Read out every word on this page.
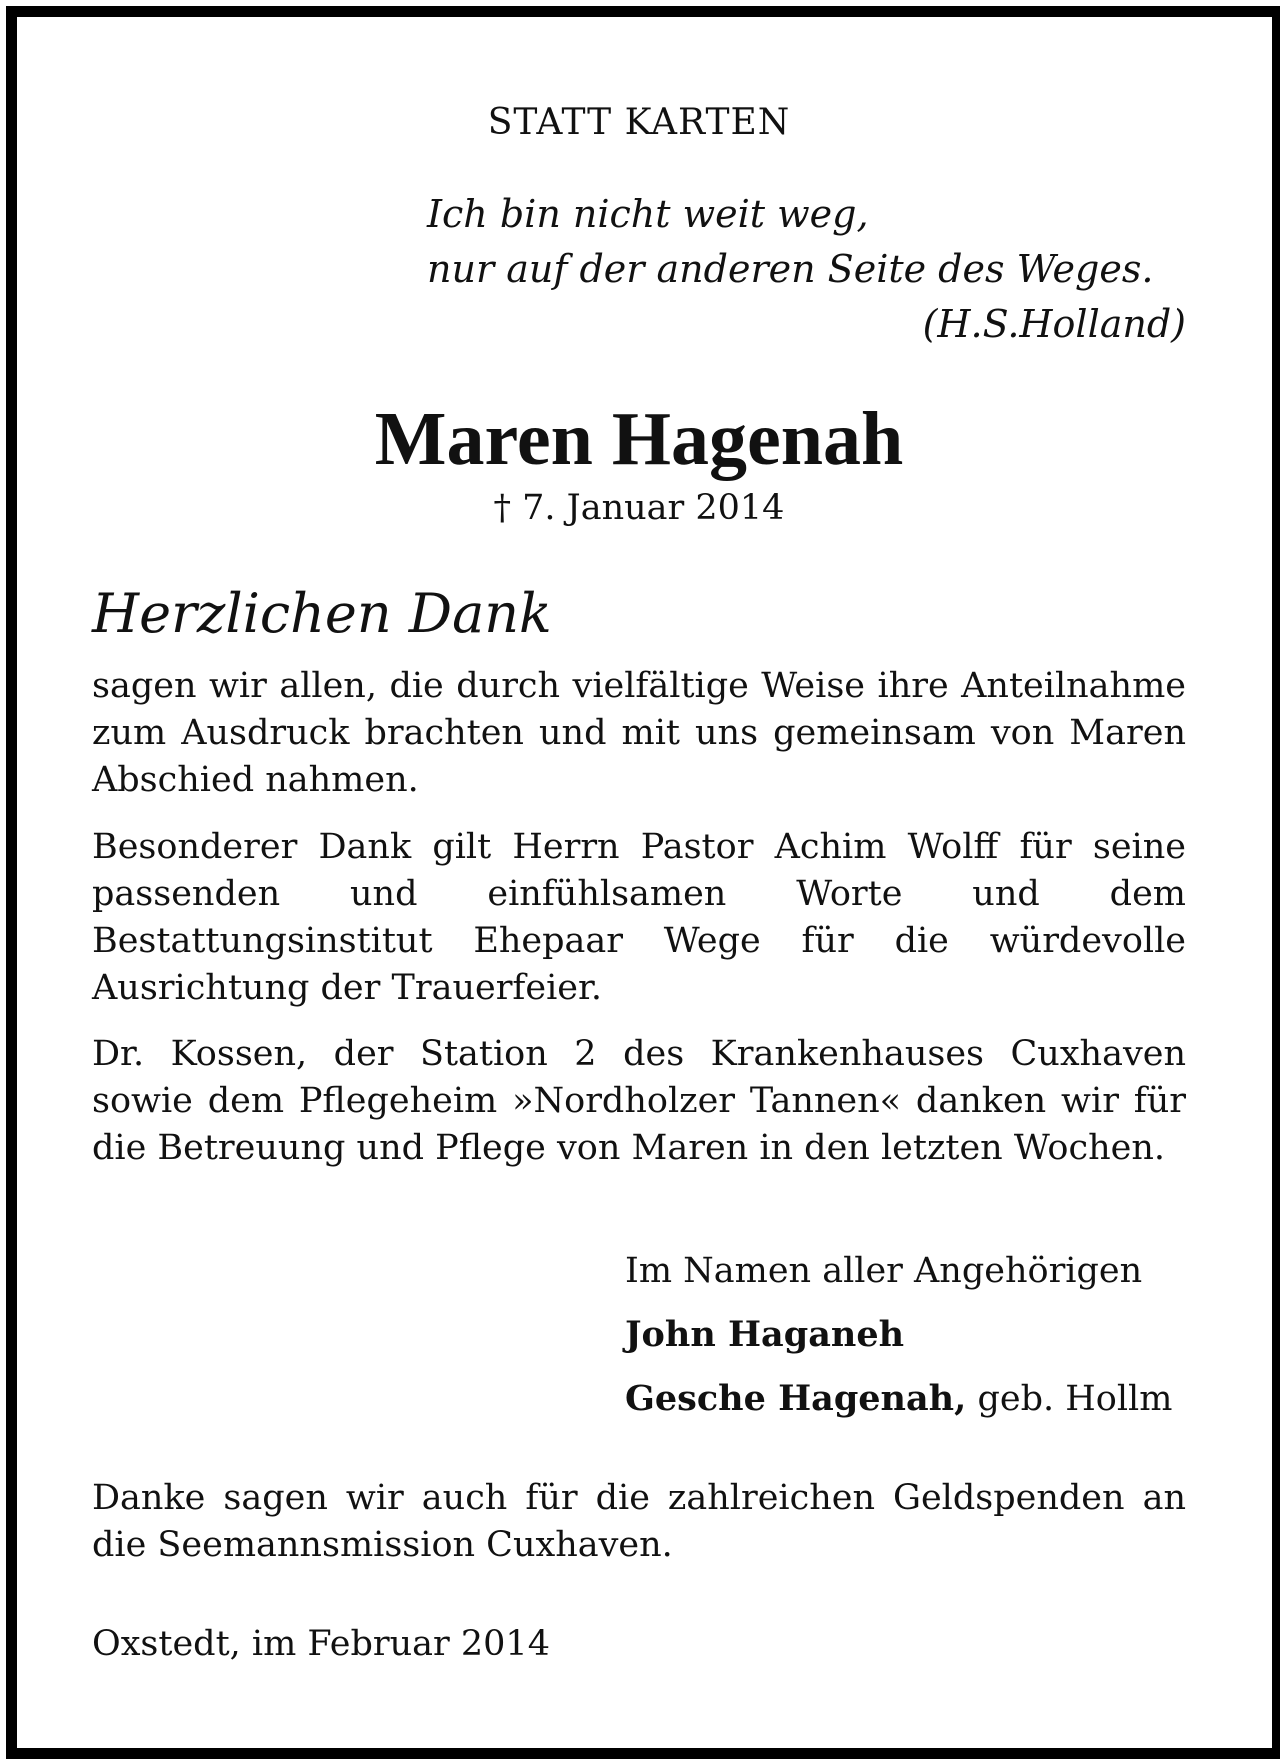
STATT KARTEN
Ich bin nicht weit weg,
nur auf der anderen Seite des Weges.
(H.S.Holland)
Maren Hagenah
† 7. Januar 2014
Herzlichen Dank
sagen wir allen, die durch vielfältige Weise ihre Anteilnahme zum Ausdruck brachten und mit uns gemeinsam von Maren Abschied nahmen.
Besonderer Dank gilt Herrn Pastor Achim Wolff für seine passenden und einfühlsamen Worte und dem Bestattungsinstitut Ehepaar Wege für die würdevolle Ausrichtung der Trauerfeier.
Dr. Kossen, der Station 2 des Krankenhauses Cuxhaven sowie dem Pflegeheim »Nordholzer Tannen« danken wir für die Betreuung und Pflege von Maren in den letzten Wochen.
Im Namen aller Angehörigen
John Haganeh
Gesche Hagenah, geb. Hollm
Danke sagen wir auch für die zahlreichen Geldspenden an die Seemannsmission Cuxhaven.
Oxstedt, im Februar 2014
